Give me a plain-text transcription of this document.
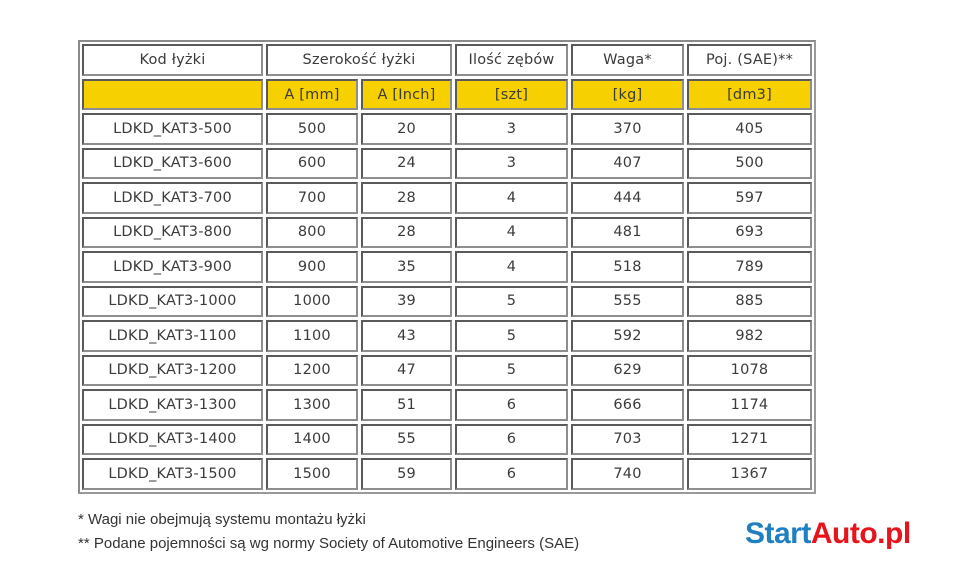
Kod łyżki	Szerokość łyżki		Ilość zębów	Waga*	Poj. (SAE)**
	A [mm]	A [Inch]	[szt]	[kg]	[dm3]
LDKD_KAT3-500	500	20	3	370	405
LDKD_KAT3-600	600	24	3	407	500
LDKD_KAT3-700	700	28	4	444	597
LDKD_KAT3-800	800	28	4	481	693
LDKD_KAT3-900	900	35	4	518	789
LDKD_KAT3-1000	1000	39	5	555	885
LDKD_KAT3-1100	1100	43	5	592	982
LDKD_KAT3-1200	1200	47	5	629	1078
LDKD_KAT3-1300	1300	51	6	666	1174
LDKD_KAT3-1400	1400	55	6	703	1271
LDKD_KAT3-1500	1500	59	6	740	1367
* Wagi nie obejmują systemu montażu łyżki
** Podane pojemności są wg normy Society of Automotive Engineers (SAE)	StartAuto.pl
